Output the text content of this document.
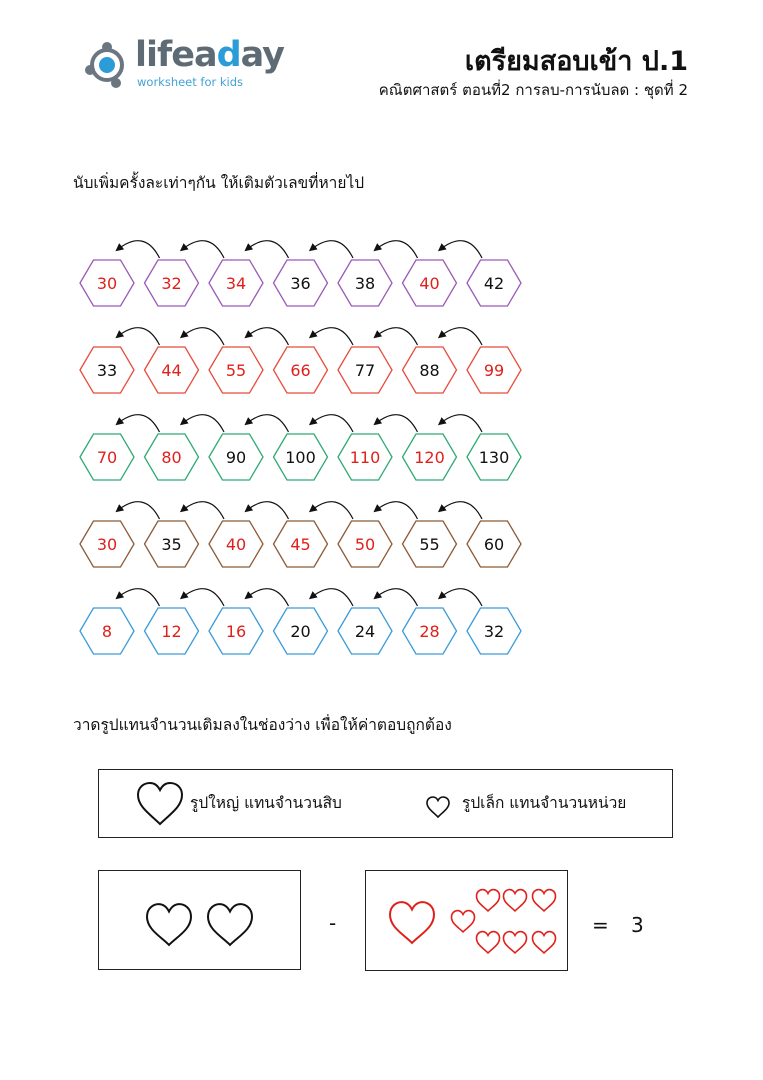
lifeaday
worksheet for kids
เตรียมสอบเข้า ป.1
คณิตศาสตร์ ตอนที่2 การลบ-การนับลด : ชุดที่ 2
นับเพิ่มครั้งละเท่าๆกัน ให้เติมตัวเลขที่หายไป
30	32	34	36	38	40	42
33	44	55	66	77	88	99
70	80	90 100 110 120 130
30	35	40	45	50	55	60
8	12	16	20	24	28	32
วาดรูปแทนจำนวนเติมลงในช่องว่าง เพื่อให้ค่าตอบถูกต้อง
รูปใหญ่ แทนจำนวนสิบ	รูปเล็ก แทนจำนวนหน่วย
-	= 3
